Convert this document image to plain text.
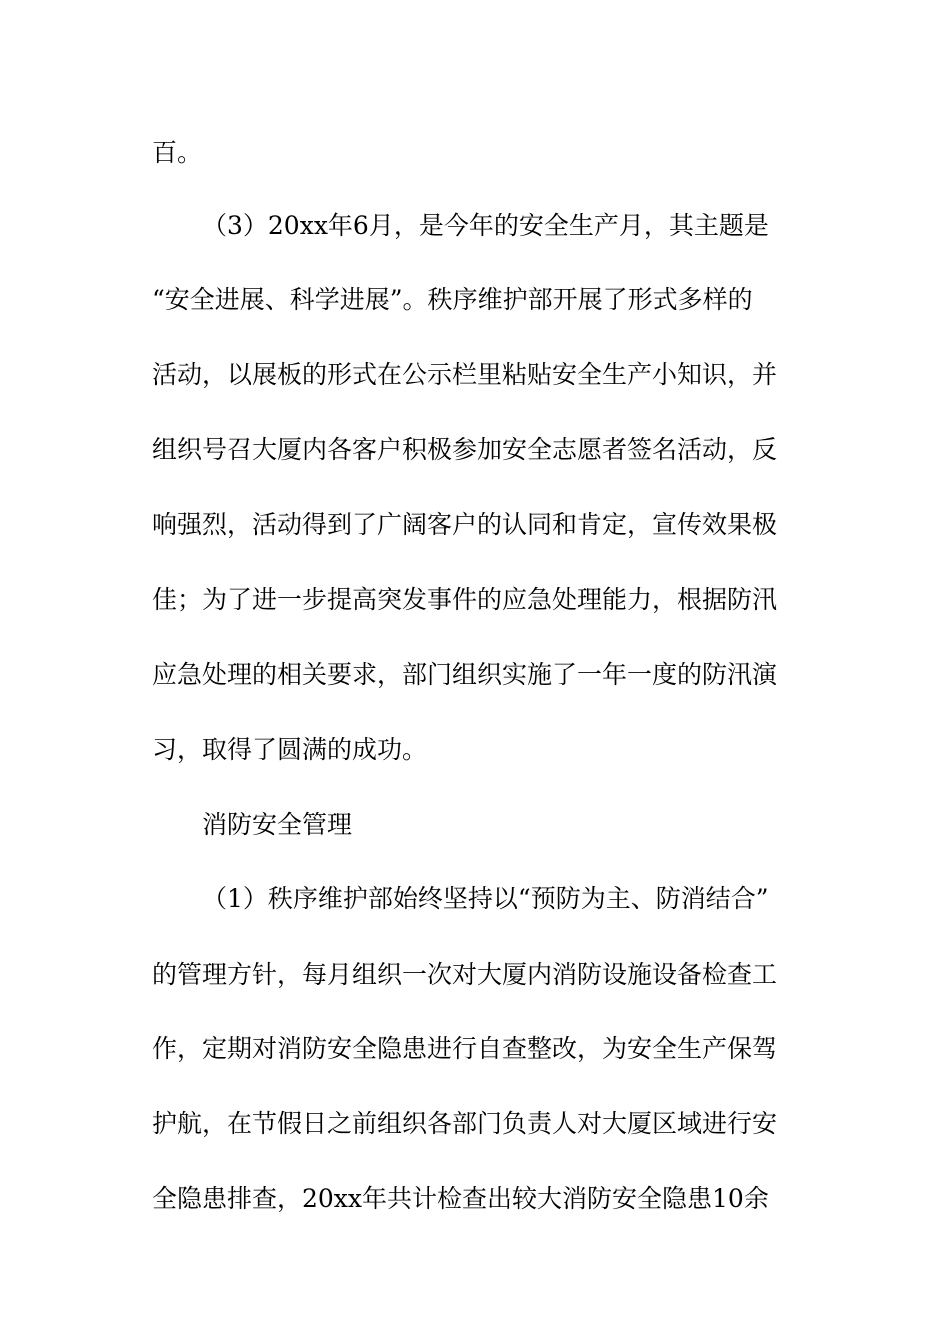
百。
（3）20xx年6月，是今年的安全生产月，其主题是
“安全进展、科学进展”。秩序维护部开展了形式多样的
活动，以展板的形式在公示栏里粘贴安全生产小知识，并
组织号召大厦内各客户积极参加安全志愿者签名活动，反
响强烈，活动得到了广阔客户的认同和肯定，宣传效果极
佳；为了进一步提高突发事件的应急处理能力，根据防汛
应急处理的相关要求，部门组织实施了一年一度的防汛演
习，取得了圆满的成功。
消防安全管理
（1）秩序维护部始终坚持以“预防为主、防消结合”
的管理方针，每月组织一次对大厦内消防设施设备检查工
作，定期对消防安全隐患进行自查整改，为安全生产保驾
护航，在节假日之前组织各部门负责人对大厦区域进行安
全隐患排查，20xx年共计检查出较大消防安全隐患10余
